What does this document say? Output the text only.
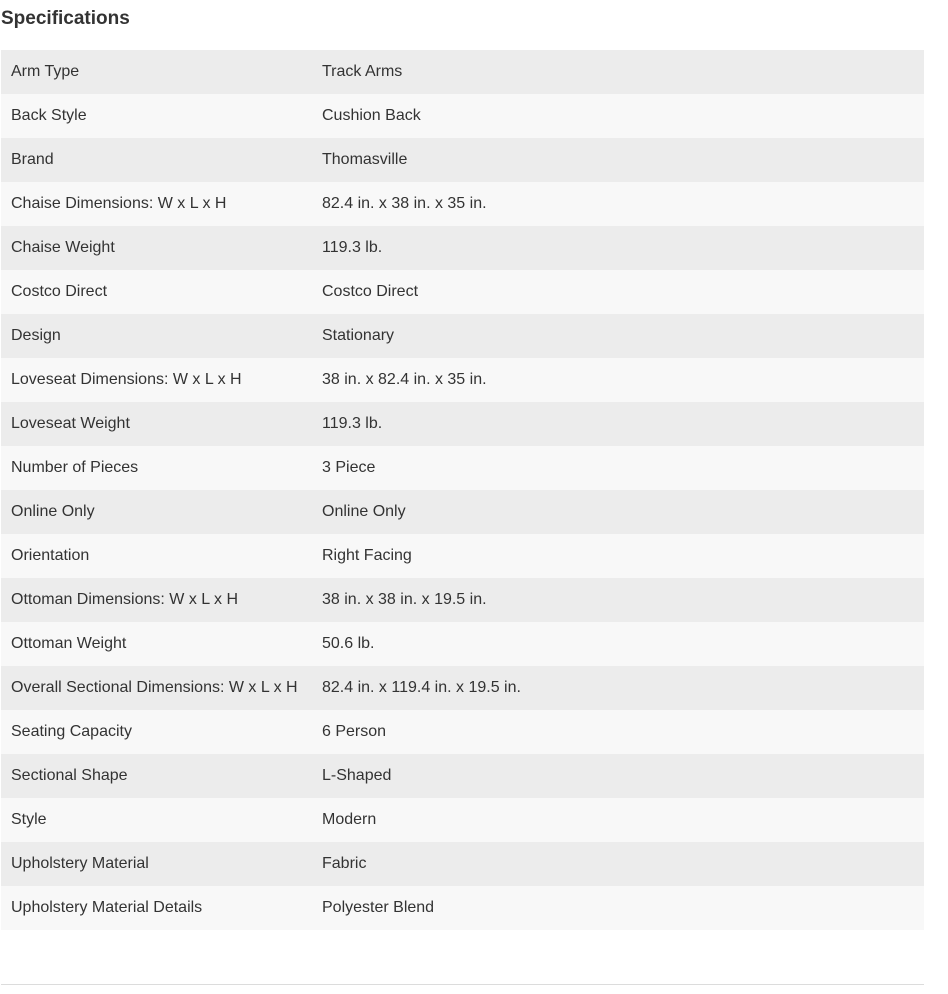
Specifications
Arm Type	Track Arms
Back Style	Cushion Back
Brand	Thomasville
Chaise Dimensions: W x L x H	82.4 in. x 38 in. x 35 in.
Chaise Weight	119.3 lb.
Costco Direct	Costco Direct
Design	Stationary
Loveseat Dimensions: W x L x H	38 in. x 82.4 in. x 35 in.
Loveseat Weight	119.3 lb.
Number of Pieces	3 Piece
Online Only	Online Only
Orientation	Right Facing
Ottoman Dimensions: W x L x H	38 in. x 38 in. x 19.5 in.
Ottoman Weight	50.6 lb.
Overall Sectional Dimensions: W x L x H	82.4 in. x 119.4 in. x 19.5 in.
Seating Capacity	6 Person
Sectional Shape	L-Shaped
Style	Modern
Upholstery Material	Fabric
Upholstery Material Details	Polyester Blend
